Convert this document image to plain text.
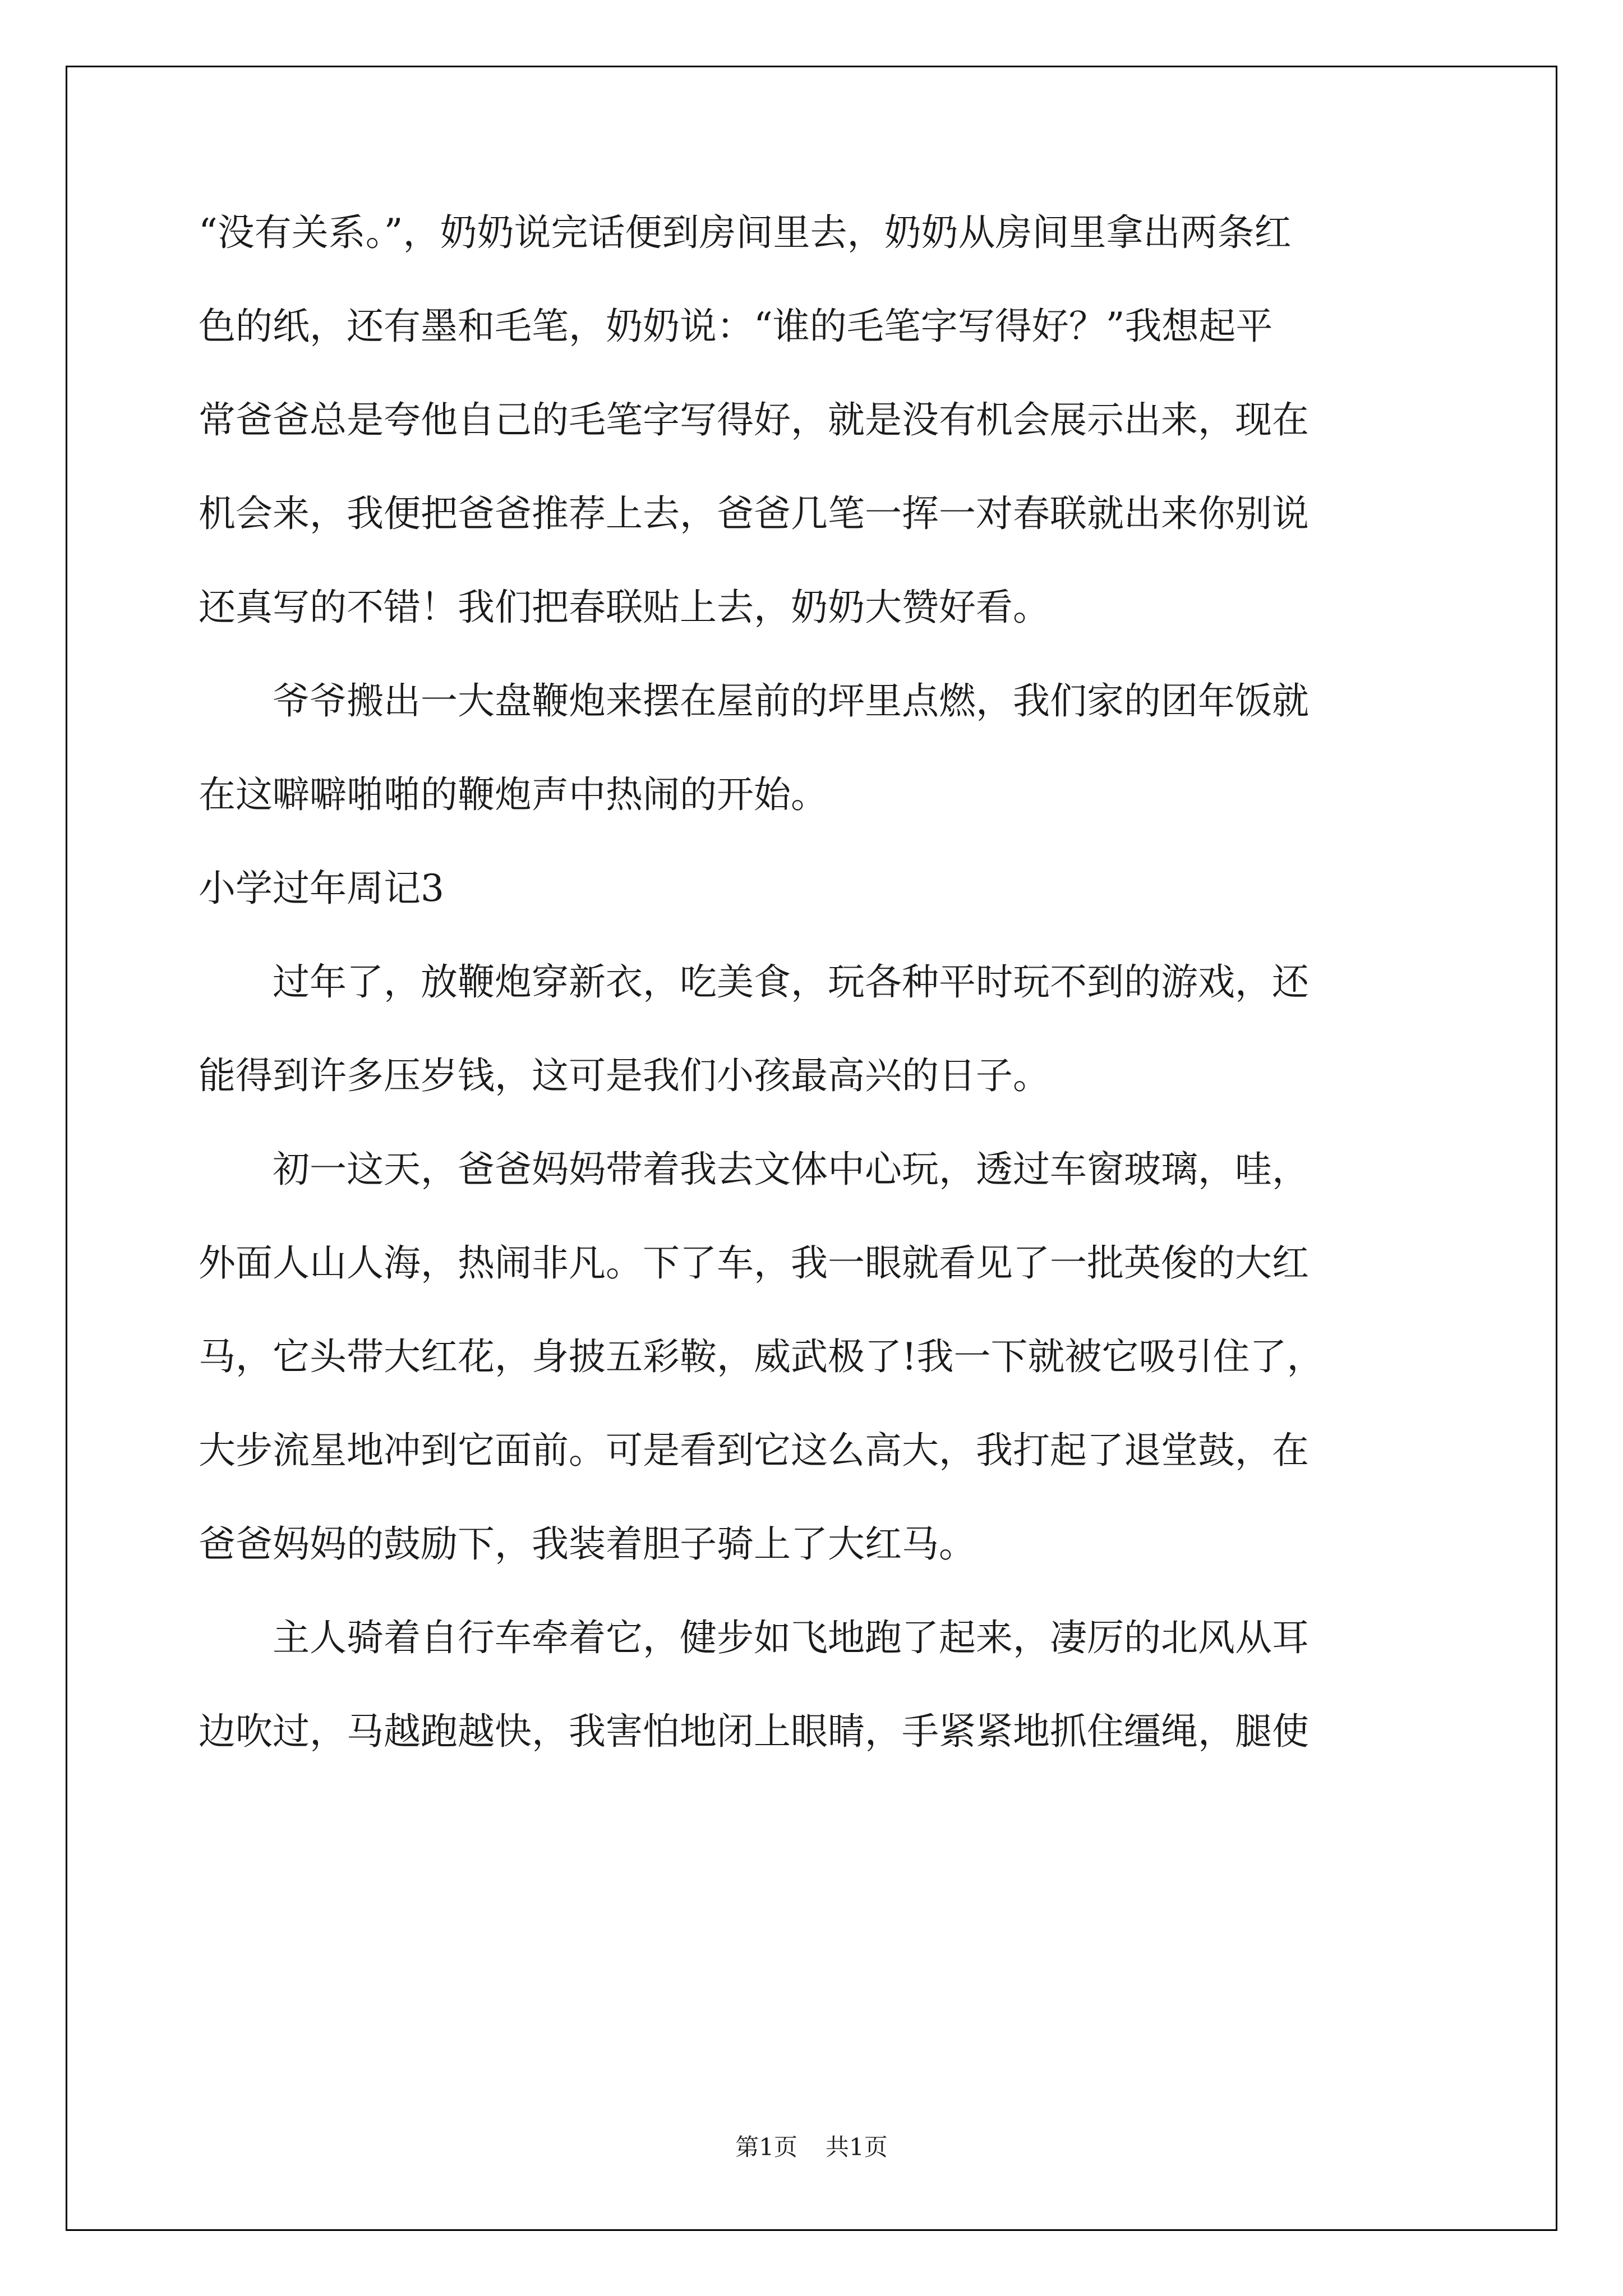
“没有关系。”，奶奶说完话便到房间里去，奶奶从房间里拿出两条红
色的纸，还有墨和毛笔，奶奶说：“谁的毛笔字写得好？”我想起平
常爸爸总是夸他自己的毛笔字写得好，就是没有机会展示出来，现在
机会来，我便把爸爸推荐上去，爸爸几笔一挥一对春联就出来你别说
还真写的不错！我们把春联贴上去，奶奶大赞好看。
　　爷爷搬出一大盘鞭炮来摆在屋前的坪里点燃，我们家的团年饭就
在这噼噼啪啪的鞭炮声中热闹的开始。
小学过年周记3
　　过年了，放鞭炮穿新衣，吃美食，玩各种平时玩不到的游戏，还
能得到许多压岁钱，这可是我们小孩最高兴的日子。
　　初一这天，爸爸妈妈带着我去文体中心玩，透过车窗玻璃，哇，
外面人山人海，热闹非凡。下了车，我一眼就看见了一批英俊的大红
马，它头带大红花，身披五彩鞍，威武极了!我一下就被它吸引住了，
大步流星地冲到它面前。可是看到它这么高大，我打起了退堂鼓，在
爸爸妈妈的鼓励下，我装着胆子骑上了大红马。
　　主人骑着自行车牵着它，健步如飞地跑了起来，凄厉的北风从耳
边吹过，马越跑越快，我害怕地闭上眼睛，手紧紧地抓住缰绳，腿使
第1页 共1页
